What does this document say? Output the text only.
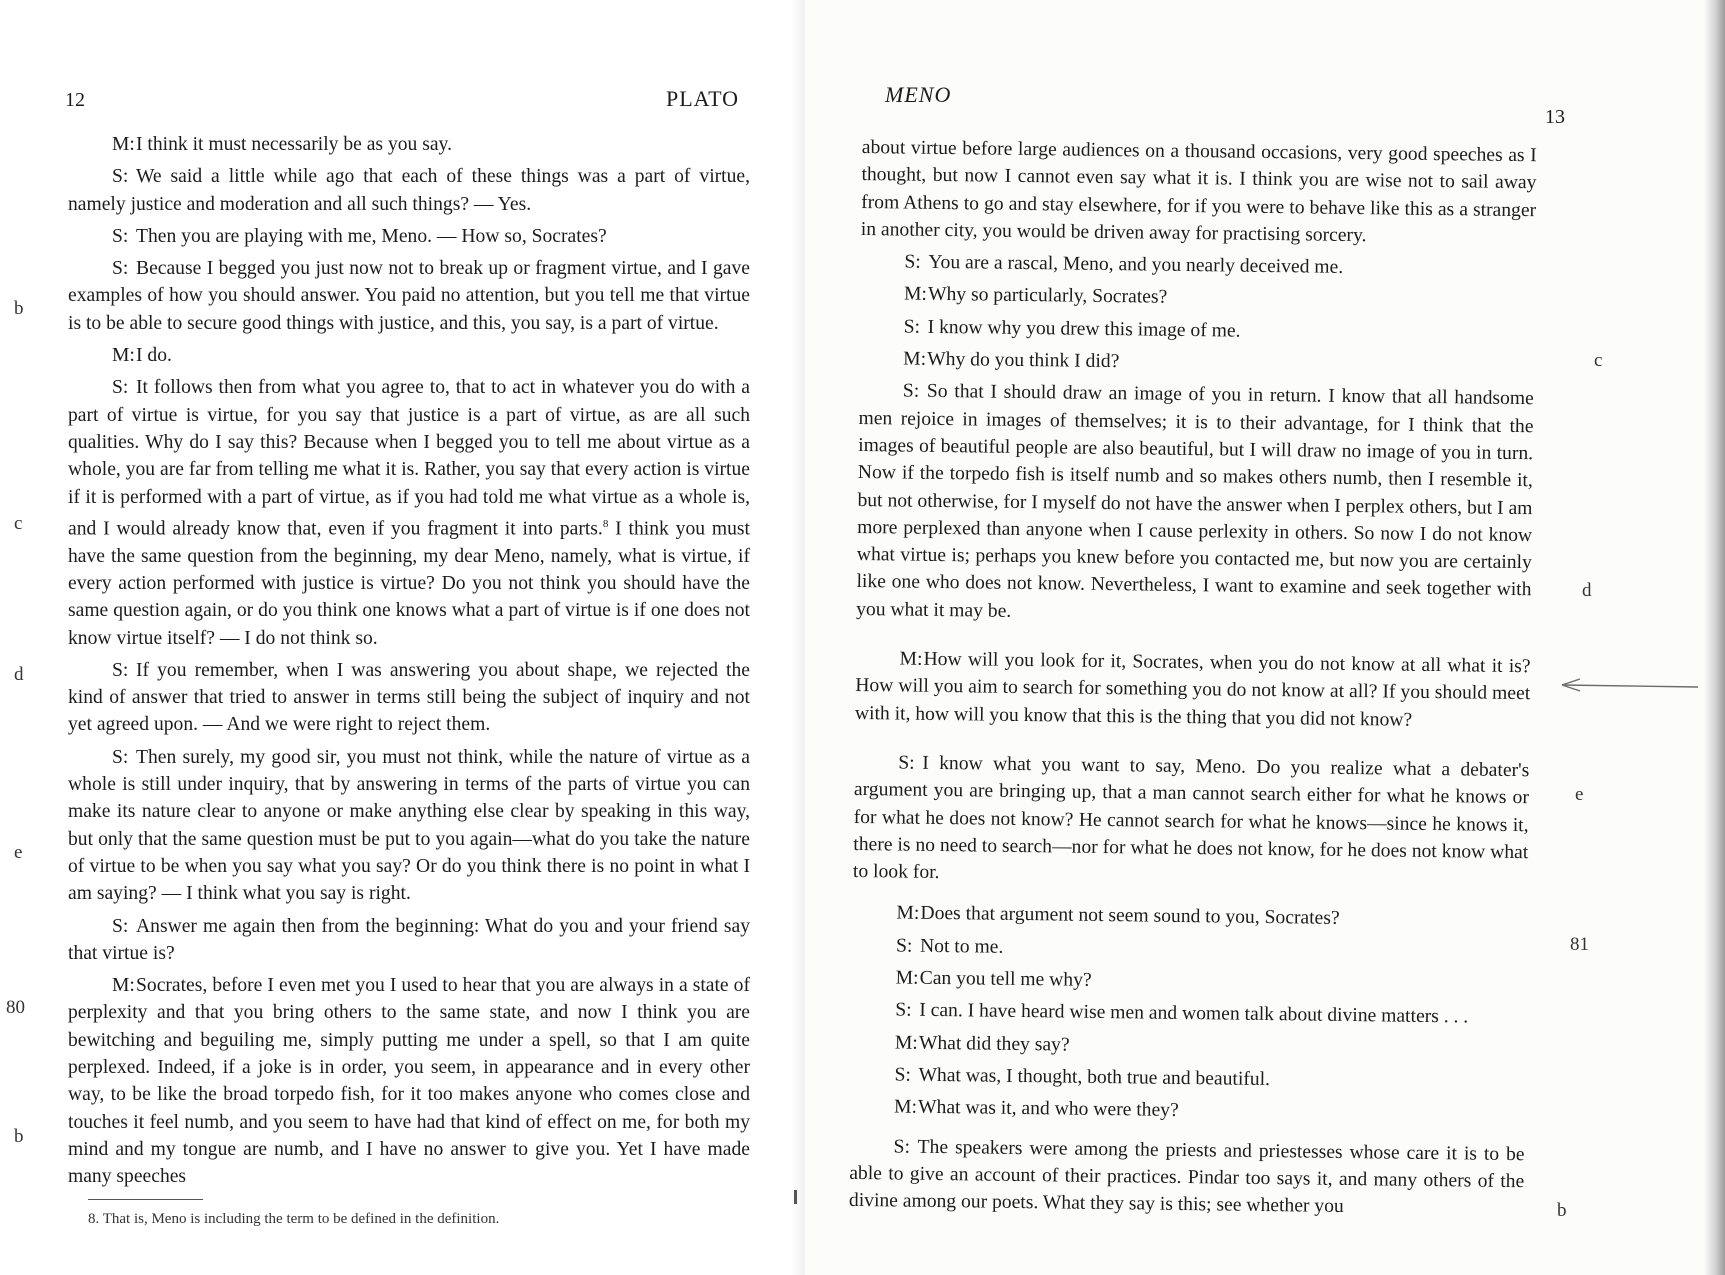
12	PLATO

M:I think it must necessarily be as you say.

S: We said a little while ago that each of these things was a part of virtue, namely justice and moderation and all such things? — Yes.

S: Then you are playing with me, Meno. — How so, Socrates?

S: Because I begged you just now not to break up or fragment virtue, and I gave examples of how you should answer. You paid no attention, but you tell me that virtue is to be able to secure good things with justice, and this, you say, is a part of virtue.

M:I do.

S: It follows then from what you agree to, that to act in whatever you do with a part of virtue is virtue, for you say that justice is a part of virtue, as are all such qualities. Why do I say this? Because when I begged you to tell me about virtue as a whole, you are far from telling me what it is. Rather, you say that every action is virtue if it is performed with a part of virtue, as if you had told me what virtue as a whole is, and I would already know that, even if you fragment it into parts.$^8$ I think you must have the same question from the beginning, my dear Meno, namely, what is virtue, if every action performed with justice is virtue? Do you not think you should have the same question again, or do you think one knows what a part of virtue is if one does not know virtue itself? — I do not think so.

S: If you remember, when I was answering you about shape, we rejected the kind of answer that tried to answer in terms still being the subject of inquiry and not yet agreed upon. — And we were right to reject them.

S: Then surely, my good sir, you must not think, while the nature of virtue as a whole is still under inquiry, that by answering in terms of the parts of virtue you can make its nature clear to anyone or make anything else clear by speaking in this way, but only that the same question must be put to you again—what do you take the nature of virtue to be when you say what you say? Or do you think there is no point in what I am saying? — I think what you say is right.

S: Answer me again then from the beginning: What do you and your friend say that virtue is?

M:Socrates, before I even met you I used to hear that you are always in a state of perplexity and that you bring others to the same state, and now I think you are bewitching and beguiling me, simply putting me under a spell, so that I am quite perplexed. Indeed, if a joke is in order, you seem, in appearance and in every other way, to be like the broad torpedo fish, for it too makes anyone who comes close and touches it feel numb, and you seem to have had that kind of effect on me, for both my mind and my tongue are numb, and I have no answer to give you. Yet I have made many speeches

b
c
d
e
80
b
8. That is, Meno is including the term to be defined in the definition.
MENO
13

about virtue before large audiences on a thousand occasions, very good speeches as I thought, but now I cannot even say what it is. I think you are wise not to sail away from Athens to go and stay elsewhere, for if you were to behave like this as a stranger in another city, you would be driven away for practising sorcery.

S: You are a rascal, Meno, and you nearly deceived me.

M:Why so particularly, Socrates?

S: I know why you drew this image of me.

M:Why do you think I did?

S: So that I should draw an image of you in return. I know that all handsome men rejoice in images of themselves; it is to their advantage, for I think that the images of beautiful people are also beautiful, but I will draw no image of you in turn. Now if the torpedo fish is itself numb and so makes others numb, then I resemble it, but not otherwise, for I myself do not have the answer when I perplex others, but I am more perplexed than anyone when I cause perlexity in others. So now I do not know what virtue is; perhaps you knew before you contacted me, but now you are certainly like one who does not know. Nevertheless, I want to examine and seek together with you what it may be.

M:How will you look for it, Socrates, when you do not know at all what it is? How will you aim to search for something you do not know at all? If you should meet with it, how will you know that this is the thing that you did not know?

S: I know what you want to say, Meno. Do you realize what a debater's argument you are bringing up, that a man cannot search either for what he knows or for what he does not know? He cannot search for what he knows—since he knows it, there is no need to search—nor for what he does not know, for he does not know what to look for.

M:Does that argument not seem sound to you, Socrates?

S: Not to me.

M:Can you tell me why?

S: I can. I have heard wise men and women talk about divine matters . . .

M:What did they say?

S: What was, I thought, both true and beautiful.

M:What was it, and who were they?

S: The speakers were among the priests and priestesses whose care it is to be able to give an account of their practices. Pindar too says it, and many others of the divine among our poets. What they say is this; see whether you

c
d
e
81
b
